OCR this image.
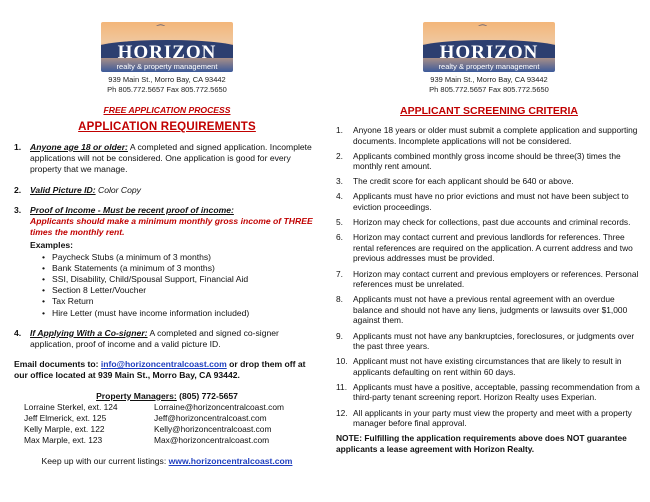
⁀
HORIZON
realty & property management
939 Main St., Morro Bay, CA 93442
Ph 805.772.5657 Fax 805.772.5650
FREE APPLICATION PROCESS
APPLICATION REQUIREMENTS
1. Anyone age 18 or older: A completed and signed application. Incomplete applications will not be considered. One application is good for every property that we manage.
2. Valid Picture ID: Color Copy
3. Proof of Income - Must be recent proof of income:
Applicants should make a minimum monthly gross income of THREE times the monthly rent.
Examples:
• Paycheck Stubs (a minimum of 3 months)
• Bank Statements (a minimum of 3 months)
• SSI, Disability, Child/Spousal Support, Financial Aid
• Section 8 Letter/Voucher
• Tax Return
• Hire Letter (must have income information included)
4. If Applying With a Co-signer: A completed and signed co-signer application, proof of income and a valid picture ID.
Email documents to: info@horizoncentralcoast.com or drop them off at our office located at 939 Main St., Morro Bay, CA 93442.
Property Managers: (805) 772-5657
Lorraine Sterkel, ext. 124	Lorraine@horizoncentralcoast.com
Jeff Elmerick, ext. 125	Jeff@horizoncentralcoast.com
Kelly Marple, ext. 122	Kelly@horizoncentralcoast.com
Max Marple, ext. 123	Max@horizoncentralcoast.com
Keep up with our current listings: www.horizoncentralcoast.com
⁀
HORIZON
realty & property management
939 Main St., Morro Bay, CA 93442
Ph 805.772.5657 Fax 805.772.5650
APPLICANT SCREENING CRITERIA
1. Anyone 18 years or older must submit a complete application and supporting documents. Incomplete applications will not be considered.
2. Applicants combined monthly gross income should be three(3) times the monthly rent amount.
3. The credit score for each applicant should be 640 or above.
4. Applicants must have no prior evictions and must not have been subject to eviction proceedings.
5. Horizon may check for collections, past due accounts and criminal records.
6. Horizon may contact current and previous landlords for references. Three rental references are required on the application. A current address and two previous addresses must be provided.
7. Horizon may contact current and previous employers or references. Personal references must be unrelated.
8. Applicants must not have a previous rental agreement with an overdue balance and should not have any liens, judgments or lawsuits over $1,000 against them.
9. Applicants must not have any bankruptcies, foreclosures, or judgments over the past three years.
10. Applicant must not have existing circumstances that are likely to result in applicants defaulting on rent within 60 days.
11. Applicants must have a positive, acceptable, passing recommendation from a third-party tenant screening report. Horizon Realty uses Experian.
12. All applicants in your party must view the property and meet with a property manager before final approval.
NOTE: Fulfilling the application requirements above does NOT guarantee applicants a lease agreement with Horizon Realty.
